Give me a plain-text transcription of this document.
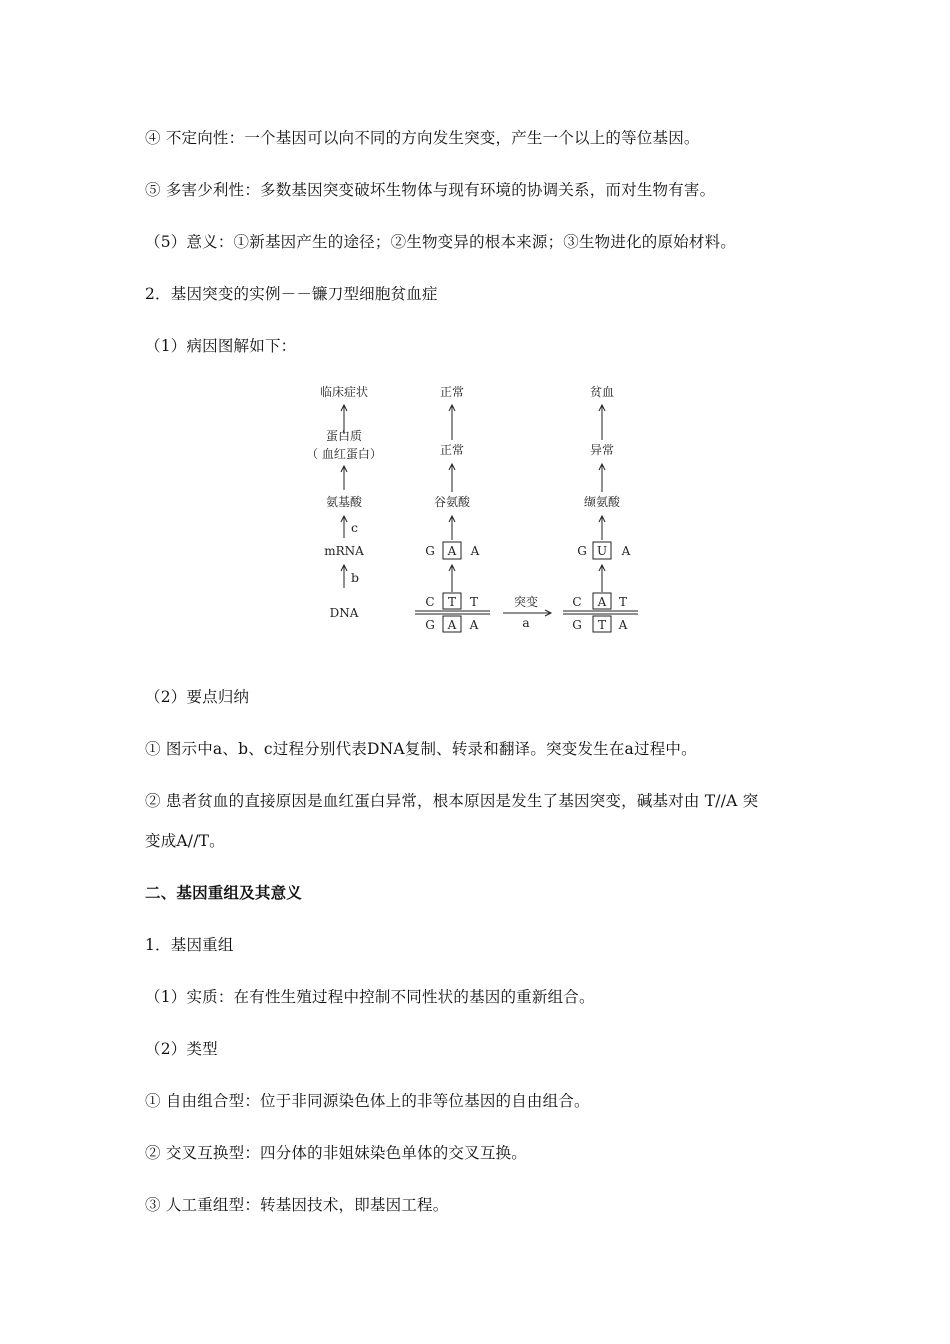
④ 不定向性：一个基因可以向不同的方向发生突变，产生一个以上的等位基因。
⑤ 多害少利性：多数基因突变破坏生物体与现有环境的协调关系，而对生物有害。
（5）意义：①新基因产生的途径；②生物变异的根本来源；③生物进化的原始材料。
2．基因突变的实例－－镰刀型细胞贫血症
（1）病因图解如下：
临床症状
蛋白质
（ 血红蛋白）
氨基酸
c
mRNA
b
DNA
正常
正常
谷氨酸
G A A
C T T
G A A
突变
a
贫血
异常
缬氨酸
G U A
C A T
G T A
（2）要点归纳
① 图示中a、b、c过程分别代表DNA复制、转录和翻译。突变发生在a过程中。
② 患者贫血的直接原因是血红蛋白异常，根本原因是发生了基因突变，碱基对由 T//A 突
变成A//T。
二、基因重组及其意义
1．基因重组
（1）实质：在有性生殖过程中控制不同性状的基因的重新组合。
（2）类型
① 自由组合型：位于非同源染色体上的非等位基因的自由组合。
② 交叉互换型：四分体的非姐妹染色单体的交叉互换。
③ 人工重组型：转基因技术，即基因工程。
